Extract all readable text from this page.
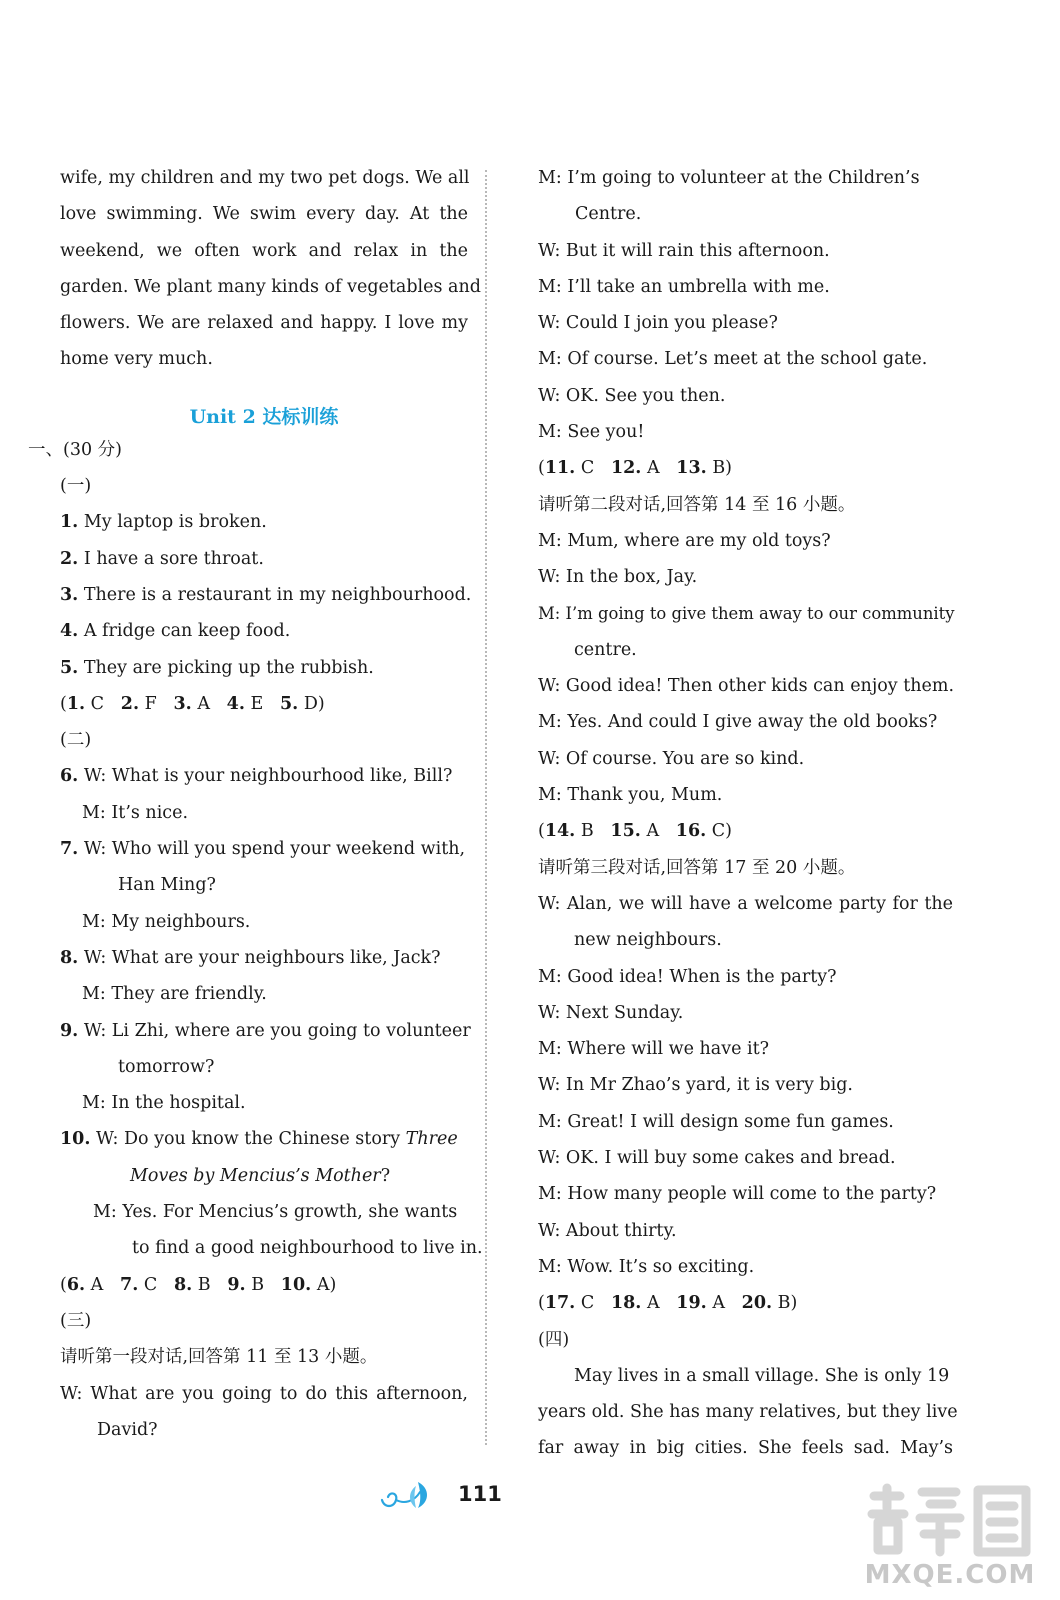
wife, my children and my two pet dogs. We all
love swimming. We swim every day. At the
weekend, we often work and relax in the
garden. We plant many kinds of vegetables and
flowers. We are relaxed and happy. I love my
home very much.
Unit 2 达标训练
一、(30 分)
(一)
1. My laptop is broken.
2. I have a sore throat.
3. There is a restaurant in my neighbourhood.
4. A fridge can keep food.
5. They are picking up the rubbish.
(1. C 2. F 3. A 4. E 5. D)
(二)
6. W: What is your neighbourhood like, Bill?
M: It’s nice.
7. W: Who will you spend your weekend with,
Han Ming?
M: My neighbours.
8. W: What are your neighbours like, Jack?
M: They are friendly.
9. W: Li Zhi, where are you going to volunteer
tomorrow?
M: In the hospital.
10. W: Do you know the Chinese story Three
Moves by Mencius’s Mother?
M: Yes. For Mencius’s growth, she wants
to find a good neighbourhood to live in.
(6. A 7. C 8. B 9. B 10. A)
(三)
请听第一段对话,回答第 11 至 13 小题。
W: What are you going to do this afternoon,
David?
M: I’m going to volunteer at the Children’s
Centre.
W: But it will rain this afternoon.
M: I’ll take an umbrella with me.
W: Could I join you please?
M: Of course. Let’s meet at the school gate.
W: OK. See you then.
M: See you!
(11. C 12. A 13. B)
请听第二段对话,回答第 14 至 16 小题。
M: Mum, where are my old toys?
W: In the box, Jay.
M: I’m going to give them away to our community
centre.
W: Good idea! Then other kids can enjoy them.
M: Yes. And could I give away the old books?
W: Of course. You are so kind.
M: Thank you, Mum.
(14. B 15. A 16. C)
请听第三段对话,回答第 17 至 20 小题。
W: Alan, we will have a welcome party for the
new neighbours.
M: Good idea! When is the party?
W: Next Sunday.
M: Where will we have it?
W: In Mr Zhao’s yard, it is very big.
M: Great! I will design some fun games.
W: OK. I will buy some cakes and bread.
M: How many people will come to the party?
W: About thirty.
M: Wow. It’s so exciting.
(17. C 18. A 19. A 20. B)
(四)
May lives in a small village. She is only 19
years old. She has many relatives, but they live
far away in big cities. She feels sad. May’s
111
MXQE.COM
